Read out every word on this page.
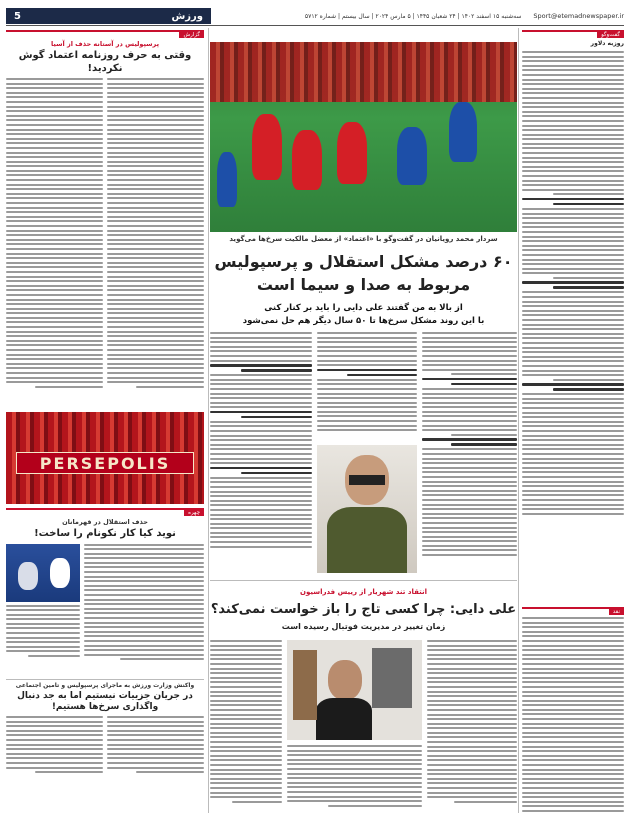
Sport@etemadnewspaper.ir
سه‌شنبه ۱۵ اسفند ۱۴۰۲ | ۲۴ شعبان ۱۴۴۵ | ۵ مارس ۲۰۲۴ | سال بیستم | شماره ۵۷۱۲
ورزش
5
گفت‌وگو
روزبه دلاور
نقد
سردار محمد رویانیان در گفت‌وگو با «اعتماد» از معضل مالکیت سرخ‌ها می‌گوید
۶۰ درصد مشکل استقلال و پرسپولیس
مربوط به صدا و سیما است
از بالا به من گفتند علی دایی را باید بر کنار کنی
با این روند مشکل سرخ‌ها تا ۵۰ سال دیگر هم حل نمی‌شود
انتقاد تند شهریار از رییس فدراسیون
علی دایی: چرا کسی تاج را باز خواست نمی‌کند؟
زمان تغییر در مدیریت فوتبال رسیده است
گزارش
پرسپولیس در آستانه حذف از آسیا
وقتی به حرف روزنامه اعتماد گوش نکردید!
PERSEPOLIS
چهره
حذف استقلال در قهرمانان
نوید کیا کار نکونام را ساخت!
واکنش وزارت ورزش به ماجرای پرسپولیس و تامین اجتماعی
در جریان جزییات نیستیم اما به جد دنبال واگذاری سرخ‌ها هستیم!
